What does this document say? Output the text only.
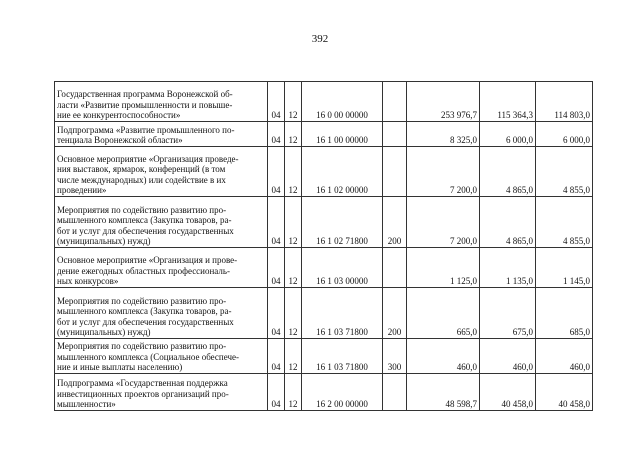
392
Государственная программа Воронежской об-
ласти «Развитие промышленности и повыше-
ние ее конкурентоспособности»	04	12	16 0 00 00000		253 976,7	115 364,3	114 803,0

Подпрограмма «Развитие промышленного по-
тенциала Воронежской области»	04	12	16 1 00 00000		8 325,0	6 000,0	6 000,0

Основное мероприятие «Организация проведе-
ния выставок, ярмарок, конференций (в том
числе международных) или содействие в их
проведении»	04	12	16 1 02 00000		7 200,0	4 865,0	4 855,0

Мероприятия по содействию развитию про-
мышленного комплекса (Закупка товаров, ра-
бот и услуг для обеспечения государственных
(муниципальных) нужд)	04	12	16 1 02 71800	200	7 200,0	4 865,0	4 855,0

Основное мероприятие «Организация и прове-
дение ежегодных областных профессиональ-
ных конкурсов»	04	12	16 1 03 00000		1 125,0	1 135,0	1 145,0

Мероприятия по содействию развитию про-
мышленного комплекса (Закупка товаров, ра-
бот и услуг для обеспечения государственных
(муниципальных) нужд)	04	12	16 1 03 71800	200	665,0	675,0	685,0

Мероприятия по содействию развитию про-
мышленного комплекса (Социальное обеспече-
ние и иные выплаты населению)	04	12	16 1 03 71800	300	460,0	460,0	460,0

Подпрограмма «Государственная поддержка
инвестиционных проектов организаций про-
мышленности»	04	12	16 2 00 00000		48 598,7	40 458,0	40 458,0
